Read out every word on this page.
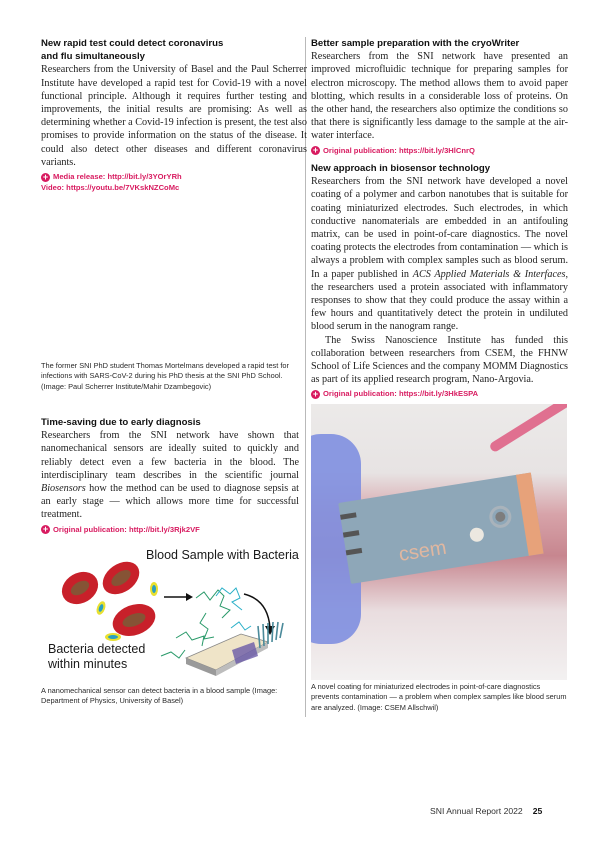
New rapid test could detect coronavirus
and flu simultaneously

Researchers from the University of Basel and the Paul Scherrer Institute have developed a rapid test for Covid-19 with a novel functional principle. Although it requires further testing and improvements, the initial results are promising: As well as determining whether a Covid-19 infection is present, the test also promises to provide information on the status of the disease. It could also detect other diseases and different coronavirus variants.

+ Media release: http://bit.ly/3YOrYRh
Video: https://youtu.be/7VKskNZCoMc

The former SNI PhD student Thomas Mortelmans developed a rapid test for infections with SARS-CoV-2 during his PhD thesis at the SNI PhD School. (Image: Paul Scherrer Institute/Mahir Dzambegovic)

Time-saving due to early diagnosis

Researchers from the SNI network have shown that nanomechanical sensors are ideally suited to quickly and reliably detect even a few bacteria in the blood. The interdisciplinary team describes in the scientific journal Biosensors how the method can be used to diagnose sepsis at an early stage — which allows more time for successful treatment.

+ Original publication: http://bit.ly/3Rjk2VF
Blood Sample with Bacteria
Bacteria detected within minutes

A nanomechanical sensor can detect bacteria in a blood sample (Image: Department of Physics, University of Basel)

Better sample preparation with the cryoWriter

Researchers from the SNI network have presented an improved microfluidic technique for preparing samples for electron microscopy. The method allows them to avoid paper blotting, which results in a considerable loss of proteins. On the other hand, the researchers also optimize the conditions so that there is significantly less damage to the sample at the air-water interface.

+ Original publication: https://bit.ly/3HlCnrQ
New approach in biosensor technology

Researchers from the SNI network have developed a novel coating of a polymer and carbon nanotubes that is suitable for coating miniaturized electrodes. Such electrodes, in which conductive nanomaterials are embedded in an antifouling matrix, can be used in point-of-care diagnostics. The novel coating protects the electrodes from contamination — which is always a problem with complex samples such as blood serum. In a paper published in ACS Applied Materials & Interfaces, the researchers used a protein associated with inflammatory responses to show that they could produce the assay within a few hours and quantitatively detect the protein in undiluted blood serum in the nanogram range.

The Swiss Nanoscience Institute has funded this collaboration between researchers from CSEM, the FHNW School of Life Sciences and the company MOMM Diagnostics as part of its applied research program, Nano-Argovia.

+ Original publication: https://bit.ly/3HkESPA
csem

A novel coating for miniaturized electrodes in point-of-care diagnostics prevents contamination — a problem when complex samples like blood serum are analyzed. (Image: CSEM Allschwil)

SNI Annual Report 2022 25
